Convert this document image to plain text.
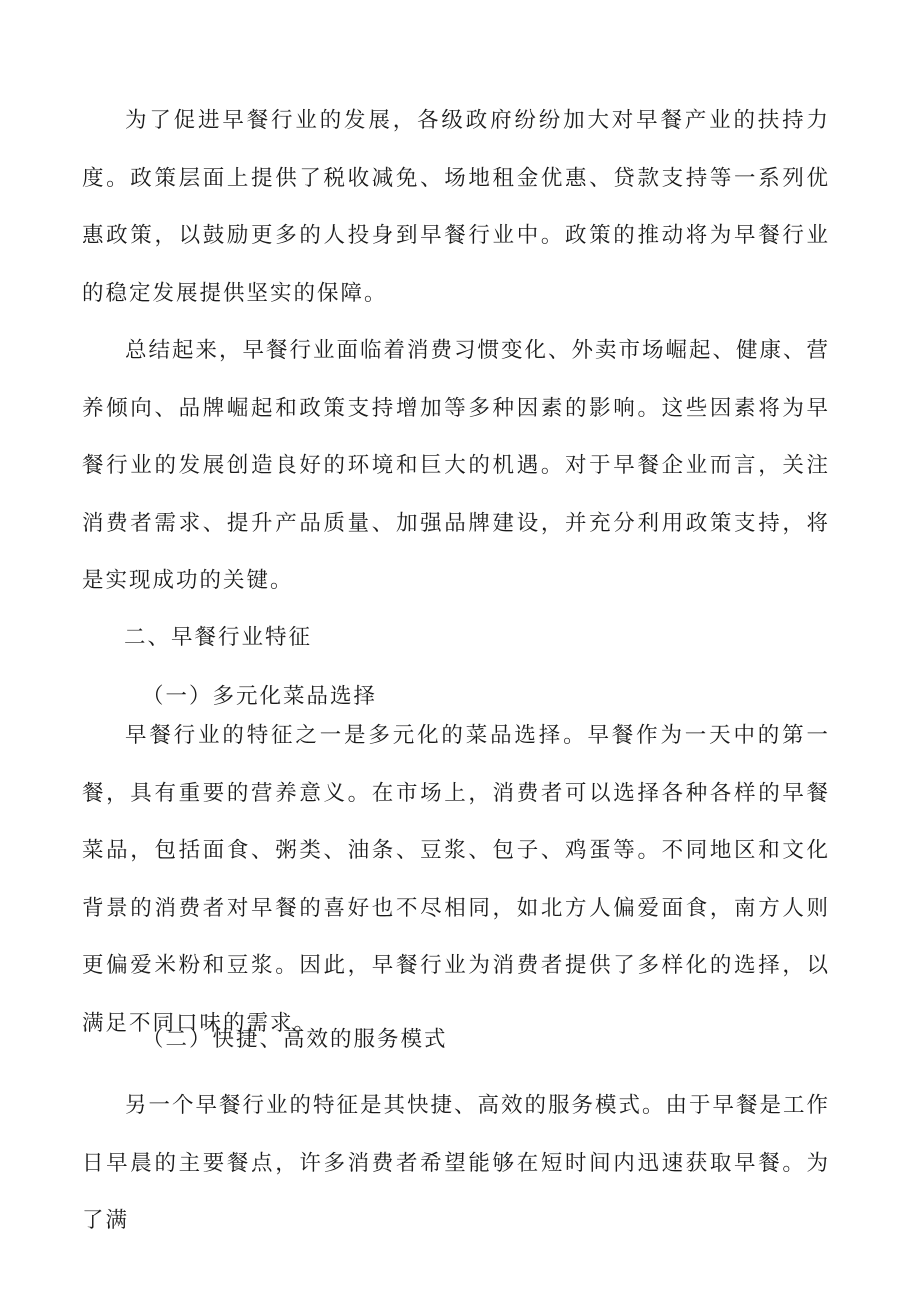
为了促进早餐行业的发展，各级政府纷纷加大对早餐产业的扶持力度。政策层面上提供了税收减免、场地租金优惠、贷款支持等一系列优惠政策，以鼓励更多的人投身到早餐行业中。政策的推动将为早餐行业的稳定发展提供坚实的保障。

总结起来，早餐行业面临着消费习惯变化、外卖市场崛起、健康、营养倾向、品牌崛起和政策支持增加等多种因素的影响。这些因素将为早餐行业的发展创造良好的环境和巨大的机遇。对于早餐企业而言，关注消费者需求、提升产品质量、加强品牌建设，并充分利用政策支持，将是实现成功的关键。

二、早餐行业特征
（一）多元化菜品选择

早餐行业的特征之一是多元化的菜品选择。早餐作为一天中的第一餐，具有重要的营养意义。在市场上，消费者可以选择各种各样的早餐菜品，包括面食、粥类、油条、豆浆、包子、鸡蛋等。不同地区和文化背景的消费者对早餐的喜好也不尽相同，如北方人偏爱面食，南方人则更偏爱米粉和豆浆。因此，早餐行业为消费者提供了多样化的选择，以满足不同口味的需求。

（二）快捷、高效的服务模式

另一个早餐行业的特征是其快捷、高效的服务模式。由于早餐是工作日早晨的主要餐点，许多消费者希望能够在短时间内迅速获取早餐。为了满
